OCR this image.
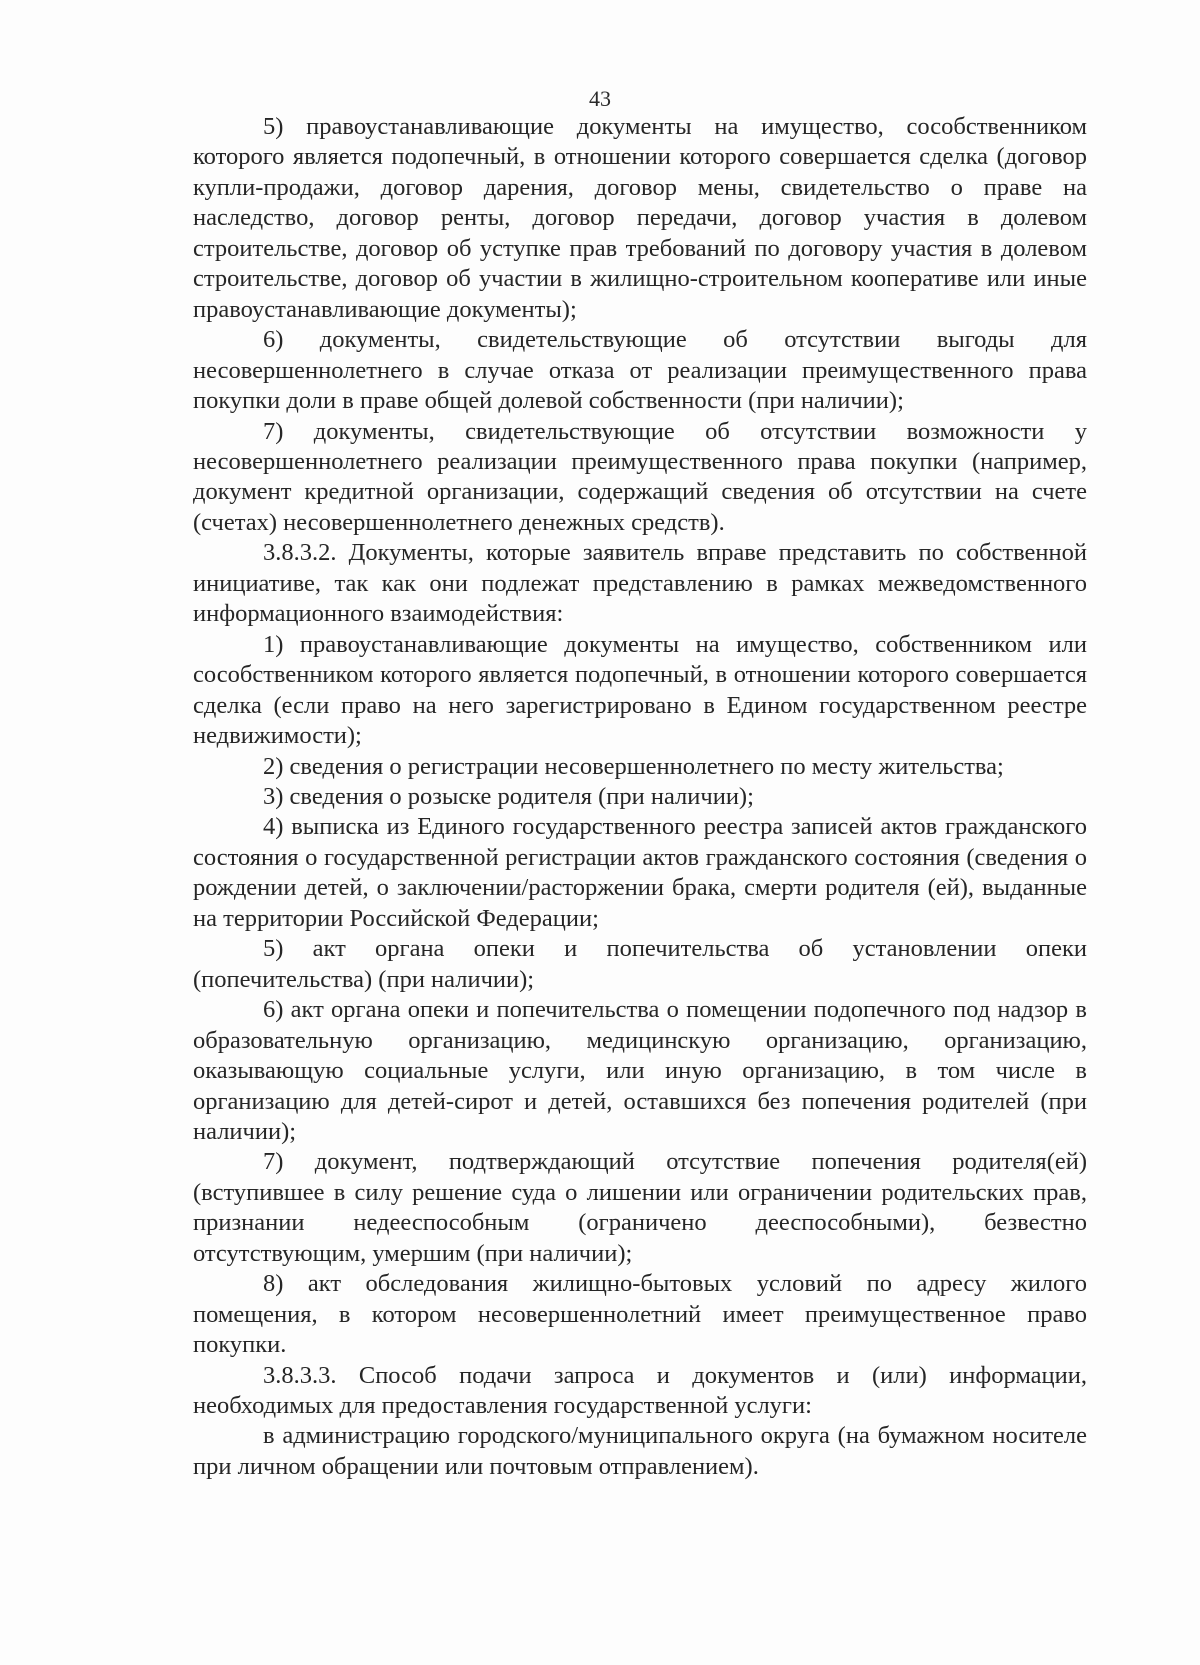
43

5) правоустанавливающие документы на имущество, сособственником которого является подопечный, в отношении которого совершается сделка (договор купли-продажи, договор дарения, договор мены, свидетельство о праве на наследство, договор ренты, договор передачи, договор участия в долевом строительстве, договор об уступке прав требований по договору участия в долевом строительстве, договор об участии в жилищно-строительном кооперативе или иные правоустанавливающие документы);

6) документы, свидетельствующие об отсутствии выгоды для несовершеннолетнего в случае отказа от реализации преимущественного права покупки доли в праве общей долевой собственности (при наличии);

7) документы, свидетельствующие об отсутствии возможности у несовершеннолетнего реализации преимущественного права покупки (например, документ кредитной организации, содержащий сведения об отсутствии на счете (счетах) несовершеннолетнего денежных средств).

3.8.3.2. Документы, которые заявитель вправе представить по собственной инициативе, так как они подлежат представлению в рамках межведомственного информационного взаимодействия:

1) правоустанавливающие документы на имущество, собственником или сособственником которого является подопечный, в отношении которого совершается сделка (если право на него зарегистрировано в Едином государственном реестре недвижимости);

2) сведения о регистрации несовершеннолетнего по месту жительства;

3) сведения о розыске родителя (при наличии);

4) выписка из Единого государственного реестра записей актов гражданского состояния о государственной регистрации актов гражданского состояния (сведения о рождении детей, о заключении/расторжении брака, смерти родителя (ей), выданные на территории Российской Федерации;

5) акт органа опеки и попечительства об установлении опеки (попечительства) (при наличии);

6) акт органа опеки и попечительства о помещении подопечного под надзор в образовательную организацию, медицинскую организацию, организацию, оказывающую социальные услуги, или иную организацию, в том числе в организацию для детей-сирот и детей, оставшихся без попечения родителей (при наличии);

7) документ, подтверждающий отсутствие попечения родителя(ей) (вступившее в силу решение суда о лишении или ограничении родительских прав, признании недееспособным (ограничено дееспособными), безвестно отсутствующим, умершим (при наличии);

8) акт обследования жилищно-бытовых условий по адресу жилого помещения, в котором несовершеннолетний имеет преимущественное право покупки.

3.8.3.3. Способ подачи запроса и документов и (или) информации, необходимых для предоставления государственной услуги:

в администрацию городского/муниципального округа (на бумажном носителе при личном обращении или почтовым отправлением).
